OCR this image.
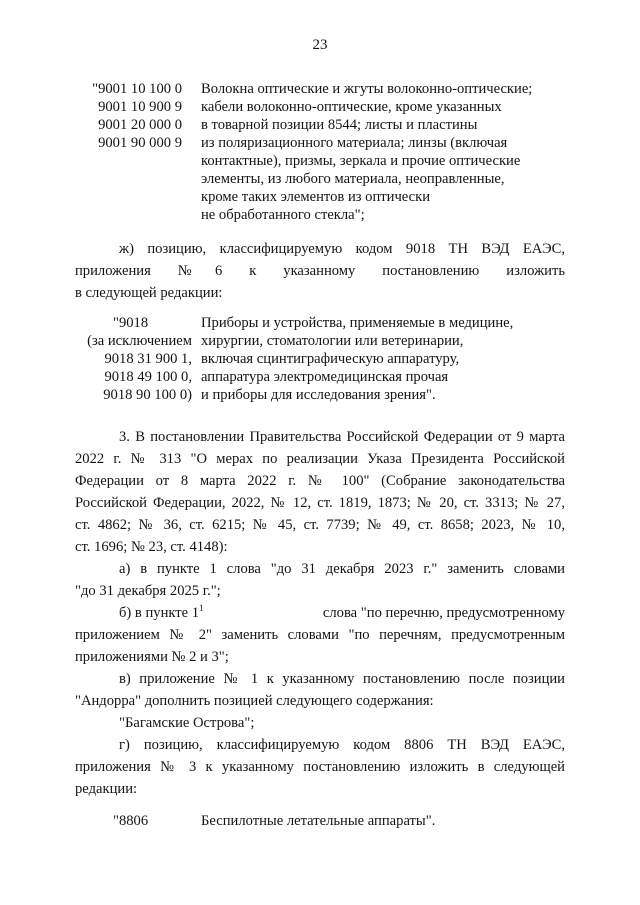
23
"9001 10 100 0
9001 10 900 9
9001 20 000 0
9001 90 000 9
Волокна оптические и жгуты волоконно-оптические;
кабели волоконно-оптические, кроме указанных
в товарной позиции 8544; листы и пластины
из поляризационного материала; линзы (включая
контактные), призмы, зеркала и прочие оптические
элементы, из любого материала, неоправленные,
кроме таких элементов из оптически
не обработанного стекла";
ж) позицию, классифицируемую кодом 9018 ТН ВЭД ЕАЭС,
приложения №6 к указанному постановлению изложить
в следующей редакции:
"9018
(за исключением
9018 31 900 1,
9018 49 100 0,
9018 90 100 0)
Приборы и устройства, применяемые в медицине,
хирургии, стоматологии или ветеринарии,
включая сцинтиграфическую аппаратуру,
аппаратура электромедицинская прочая
и приборы для исследования зрения".
3. В постановлении Правительства Российской Федерации от 9 марта
2022 г. № 313 "О мерах по реализации Указа Президента Российской
Федерации от 8 марта 2022 г. № 100" (Собрание законодательства
Российской Федерации, 2022, № 12, ст. 1819, 1873; № 20, ст. 3313; № 27,
ст. 4862; № 36, ст. 6215; № 45, ст. 7739; № 49, ст. 8658; 2023, № 10,
ст. 1696; № 23, ст. 4148):
а) в пункте 1 слова "до 31 декабря 2023 г." заменить словами
"до 31 декабря 2025 г.";
б) в пункте $1^1$	слова "по перечню, предусмотренному
приложением № 2" заменить словами "по перечням, предусмотренным
приложениями № 2 и 3";
в) приложение № 1 к указанному постановлению после позиции
"Андорра" дополнить позицией следующего содержания:
"Багамские Острова";
г) позицию, классифицируемую кодом 8806 ТН ВЭД ЕАЭС,
приложения № 3 к указанному постановлению изложить в следующей
редакции:
"8806	Беспилотные летательные аппараты".
